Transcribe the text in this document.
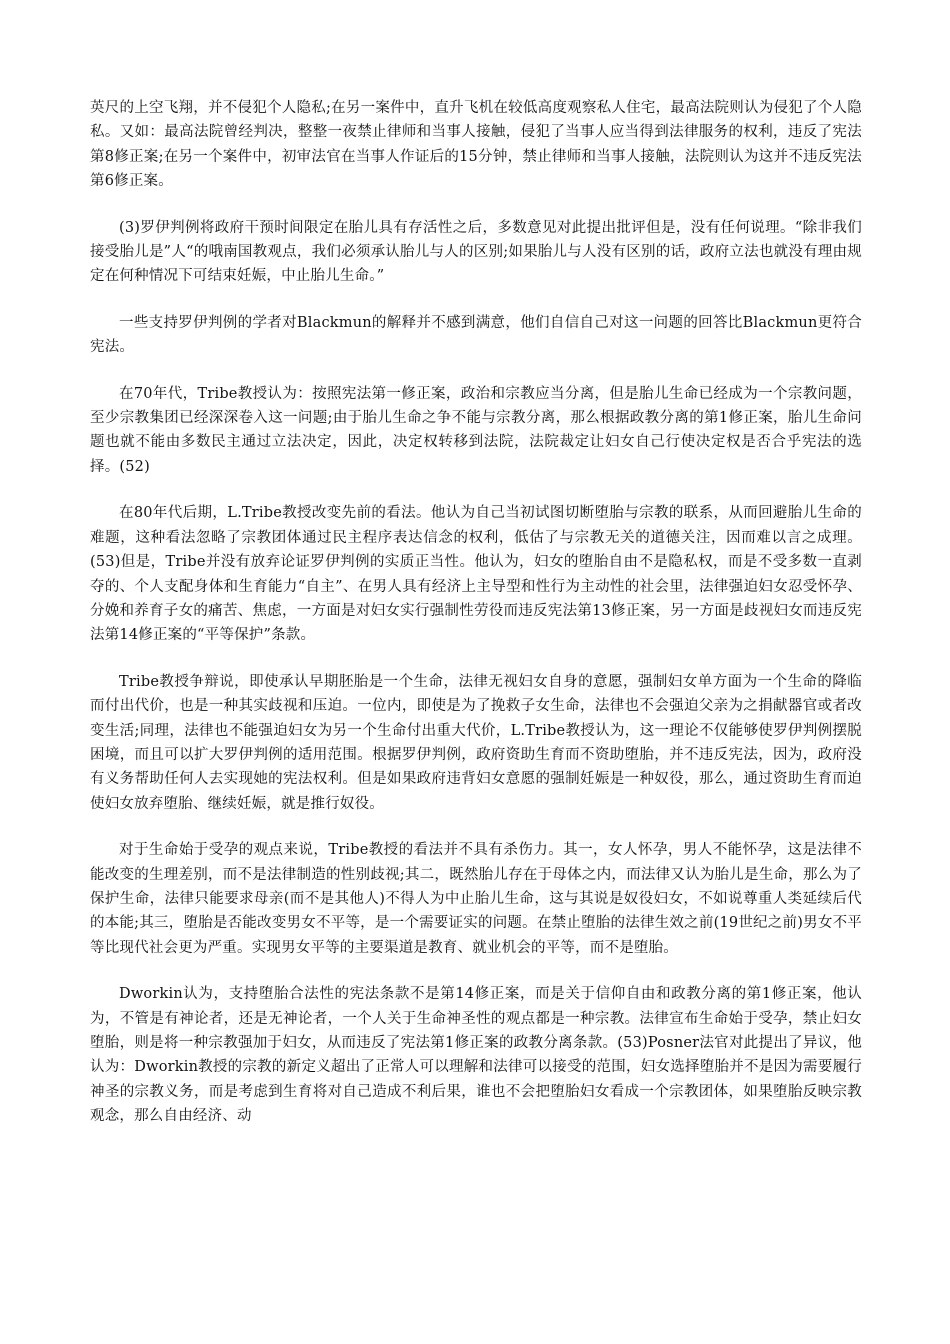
英尺的上空飞翔，并不侵犯个人隐私;在另一案件中，直升飞机在较低高度观察私人住宅，最高法院则认为侵犯了个人隐私。又如：最高法院曾经判决，整整一夜禁止律师和当事人接触，侵犯了当事人应当得到法律服务的权利，违反了宪法第8修正案;在另一个案件中，初审法官在当事人作证后的15分钟，禁止律师和当事人接触，法院则认为这并不违反宪法第6修正案。

(3)罗伊判例将政府干预时间限定在胎儿具有存活性之后，多数意见对此提出批评但是，没有任何说理。“除非我们接受胎儿是”人“的哦南国教观点，我们必须承认胎儿与人的区别;如果胎儿与人没有区别的话，政府立法也就没有理由规定在何种情况下可结束妊娠，中止胎儿生命。”

一些支持罗伊判例的学者对Blackmun的解释并不感到满意，他们自信自己对这一问题的回答比Blackmun更符合宪法。

在70年代，Tribe教授认为：按照宪法第一修正案，政治和宗教应当分离，但是胎儿生命已经成为一个宗教问题，至少宗教集团已经深深卷入这一问题;由于胎儿生命之争不能与宗教分离，那么根据政教分离的第1修正案，胎儿生命问题也就不能由多数民主通过立法决定，因此，决定权转移到法院，法院裁定让妇女自己行使决定权是否合乎宪法的选择。(52)

在80年代后期，L.Tribe教授改变先前的看法。他认为自己当初试图切断堕胎与宗教的联系，从而回避胎儿生命的难题，这种看法忽略了宗教团体通过民主程序表达信念的权利，低估了与宗教无关的道德关注，因而难以言之成理。(53)但是，Tribe并没有放弃论证罗伊判例的实质正当性。他认为，妇女的堕胎自由不是隐私权，而是不受多数一直剥夺的、个人支配身体和生育能力“自主”、在男人具有经济上主导型和性行为主动性的社会里，法律强迫妇女忍受怀孕、分娩和养育子女的痛苦、焦虑，一方面是对妇女实行强制性劳役而违反宪法第13修正案，另一方面是歧视妇女而违反宪法第14修正案的“平等保护”条款。

Tribe教授争辩说，即使承认早期胚胎是一个生命，法律无视妇女自身的意愿，强制妇女单方面为一个生命的降临而付出代价，也是一种其实歧视和压迫。一位内，即使是为了挽救子女生命，法律也不会强迫父亲为之捐献器官或者改变生活;同理，法律也不能强迫妇女为另一个生命付出重大代价，L.Tribe教授认为，这一理论不仅能够使罗伊判例摆脱困境，而且可以扩大罗伊判例的适用范围。根据罗伊判例，政府资助生育而不资助堕胎，并不违反宪法，因为，政府没有义务帮助任何人去实现她的宪法权利。但是如果政府违背妇女意愿的强制妊娠是一种奴役，那么，通过资助生育而迫使妇女放弃堕胎、继续妊娠，就是推行奴役。

对于生命始于受孕的观点来说，Tribe教授的看法并不具有杀伤力。其一，女人怀孕，男人不能怀孕，这是法律不能改变的生理差别，而不是法律制造的性别歧视;其二，既然胎儿存在于母体之内，而法律又认为胎儿是生命，那么为了保护生命，法律只能要求母亲(而不是其他人)不得人为中止胎儿生命，这与其说是奴役妇女，不如说尊重人类延续后代的本能;其三，堕胎是否能改变男女不平等，是一个需要证实的问题。在禁止堕胎的法律生效之前(19世纪之前)男女不平等比现代社会更为严重。实现男女平等的主要渠道是教育、就业机会的平等，而不是堕胎。

Dworkin认为，支持堕胎合法性的宪法条款不是第14修正案，而是关于信仰自由和政教分离的第1修正案，他认为，不管是有神论者，还是无神论者，一个人关于生命神圣性的观点都是一种宗教。法律宣布生命始于受孕，禁止妇女堕胎，则是将一种宗教强加于妇女，从而违反了宪法第1修正案的政教分离条款。(53)Posner法官对此提出了异议，他认为：Dworkin教授的宗教的新定义超出了正常人可以理解和法律可以接受的范围，妇女选择堕胎并不是因为需要履行神圣的宗教义务，而是考虑到生育将对自己造成不利后果，谁也不会把堕胎妇女看成一个宗教团体，如果堕胎反映宗教观念，那么自由经济、动
